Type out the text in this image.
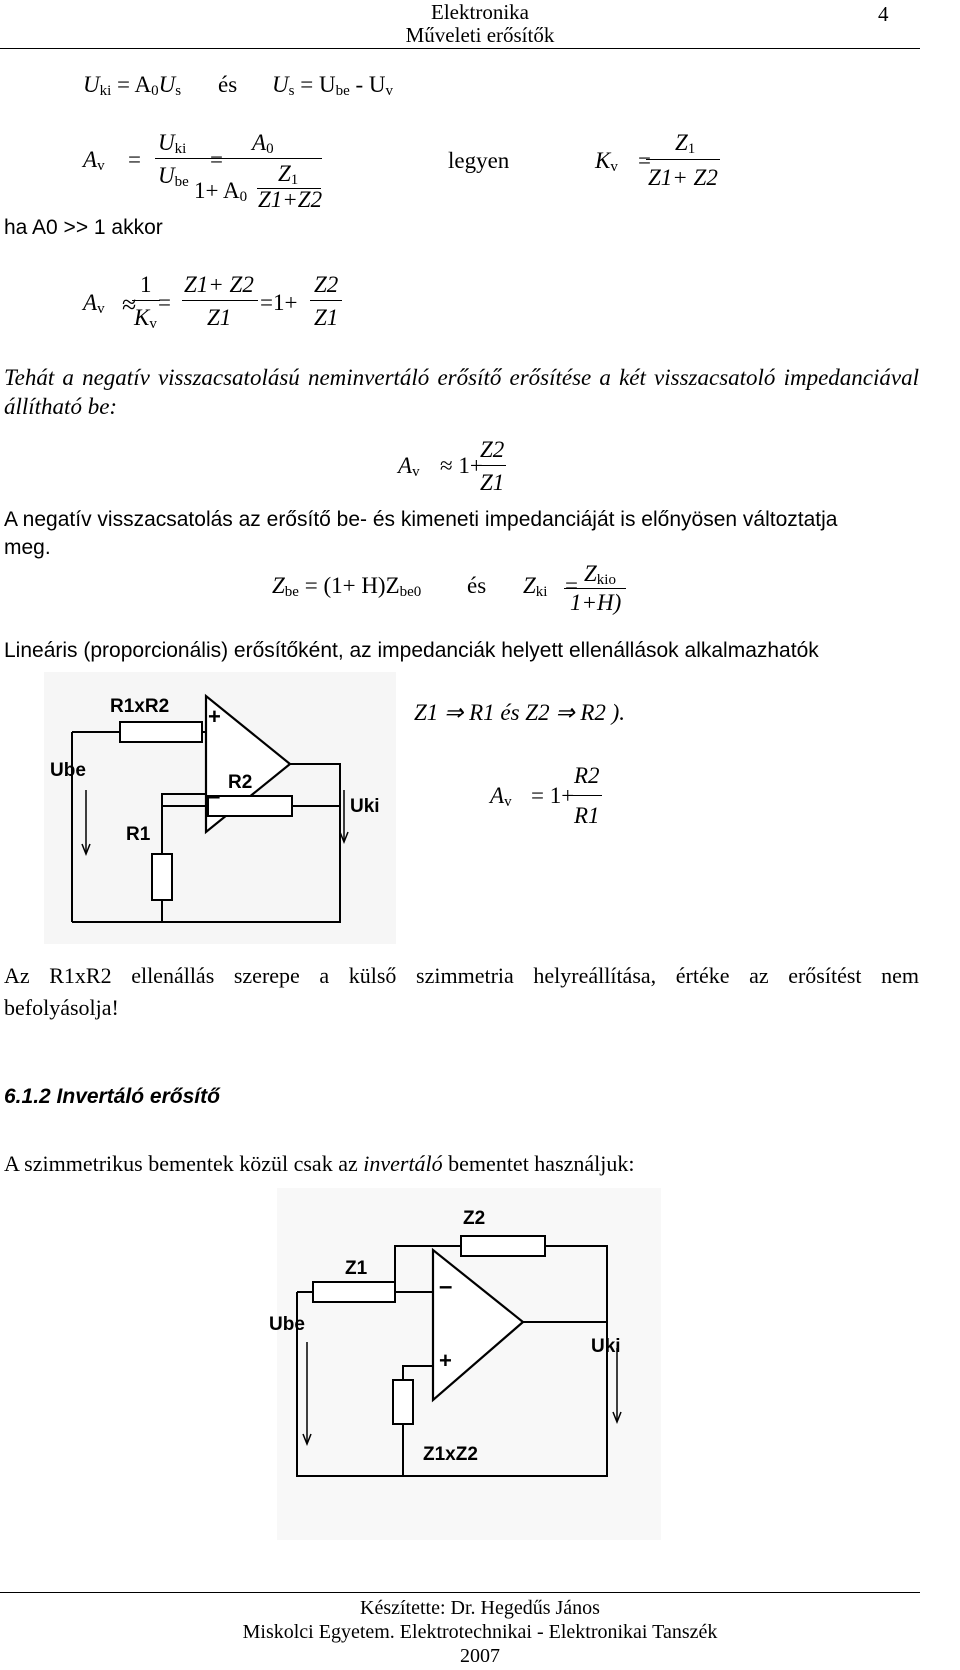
Elektronika
Műveleti erősítők
4
$U_{ki} = A_0U_s$ és $U_s = U_{be} - U_v$
$A_v$ =
$U_{ki}$
$U_{be}$
=
$A_0$
$1+ A_0$
$Z_1$
Z1+Z2
legyen	$K_v$ =
$Z_1$
Z1+ Z2
ha A0 >> 1 akkor
$A_v$ ≈ =
1
$K_v$
Z1+ Z2
Z1
=1+
Z2
Z1
Tehát a negatív visszacsatolású neminvertáló erősítő erősítése a két visszacsatoló impedanciával állítható be:
$A_v \approx 1+$
Z2
Z1
A negatív visszacsatolás az erősítő be- és kimeneti impedanciáját is előnyösen változtatja
meg.
$Z_{be} = (1+ H)Z_{be0}$ és $Z_{ki} = Z_{kio}$
1+H)
Lineáris (proporcionális) erősítőként, az impedanciák helyett ellenállások alkalmazhatók
Z1 ⇒ R1 és Z2 ⇒ R2 ).
$A_v = 1+$
R2
R1
R1xR2 +
–
Ube
R2
R1
Uki
Az R1xR2 ellenállás szerepe a külső szimmetria helyreállítása, értéke az erősítést nem
befolyásolja!
6.1.2 Invertáló erősítő
A szimmetrikus bementek közül csak az invertáló bementet használjuk:
Z2
Z1
–
+
Ube
Z1xZ2
Uki
Készítette: Dr. Hegedűs János
Miskolci Egyetem. Elektrotechnikai - Elektronikai Tanszék
2007
